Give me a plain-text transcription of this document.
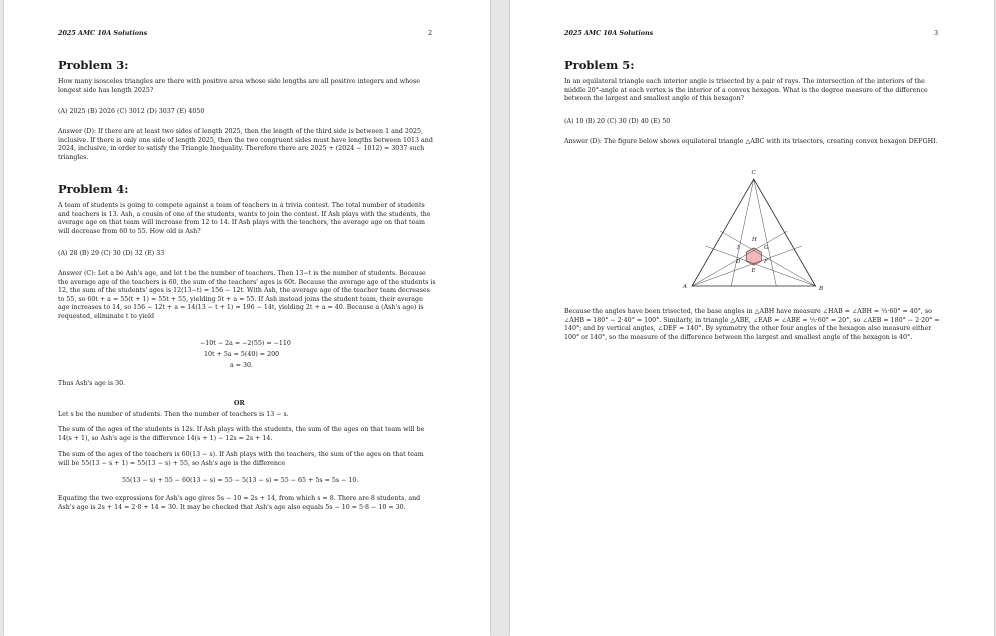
2025 AMC 10A Solutions	2
Problem 3:
How many isosceles triangles are there with positive area whose side lengths are all positive integers and whose longest side has length 2025?
(A) 2025 (B) 2026 (C) 3012 (D) 3037 (E) 4050
Answer (D): If there are at least two sides of length 2025, then the length of the third side is between 1 and 2025, inclusive. If there is only one side of length 2025, then the two congruent sides must have lengths between 1013 and 2024, inclusive, in order to satisfy the Triangle Inequality. Therefore there are 2025 + (2024 − 1012) = 3037 such triangles.
Problem 4:
A team of students is going to compete against a team of teachers in a trivia contest. The total number of students and teachers is 13. Ash, a cousin of one of the students, wants to join the contest. If Ash plays with the students, the average age on that team will increase from 12 to 14. If Ash plays with the teachers, the average age on that team will decrease from 60 to 55. How old is Ash?
(A) 28 (B) 29 (C) 30 (D) 32 (E) 33
Answer (C): Let a be Ash's age, and let t be the number of teachers. Then 13−t is the number of students. Because the average age of the teachers is 60, the sum of the teachers' ages is 60t. Because the average age of the students is 12, the sum of the students' ages is 12(13−t) = 156 − 12t. With Ash, the average age of the teacher team decreases to 55, so 60t + a = 55(t + 1) = 55t + 55, yielding 5t + a = 55. If Ash instead joins the student team, their average age increases to 14, so 156 − 12t + a = 14(13 − t + 1) = 196 − 14t, yielding 2t + a = 40. Because a (Ash's age) is requested, eliminate t to yield
−10t − 2a = −2(55) = −110
10t + 5a = 5(40) = 200
a = 30.
Thus Ash's age is 30.
OR
Let s be the number of students. Then the number of teachers is 13 − s.
The sum of the ages of the students is 12s. If Ash plays with the students, the sum of the ages on that team will be 14(s + 1), so Ash's age is the difference 14(s + 1) − 12s = 2s + 14.
The sum of the ages of the teachers is 60(13 − s). If Ash plays with the teachers, the sum of the ages on that team will be 55(13 − s + 1) = 55(13 − s) + 55, so Ash's age is the difference
55(13 − s) + 55 − 60(13 − s) = 55 − 5(13 − s) = 55 − 65 + 5s = 5s − 10.
Equating the two expressions for Ash's age gives 5s − 10 = 2s + 14, from which s = 8. There are 8 students, and Ash's age is 2s + 14 = 2·8 + 14 = 30. It may be checked that Ash's age also equals 5s − 10 = 5·8 − 10 = 30.
2025 AMC 10A Solutions	3
Problem 5:
In an equilateral triangle each interior angle is trisected by a pair of rays. The intersection of the interiors of the middle 20°-angle at each vertex is the interior of a convex hexagon. What is the degree measure of the difference between the largest and smallest angle of this hexagon?
(A) 10 (B) 20 (C) 30 (D) 40 (E) 50
Answer (D): The figure below shows equilateral triangle △ABC with its trisectors, creating convex hexagon DEFGHI.
A	B
C
D
E
F
G
H
I
Because the angles have been trisected, the base angles in △ABH have measure ∠HAB = ∠ABH = ⅔·60° = 40°, so ∠AHB = 180° − 2·40° = 100°. Similarly, in triangle △ABE, ∠EAB = ∠ABE = ⅓·60° = 20°, so ∠AEB = 180° − 2·20° = 140°; and by vertical angles, ∠DEF = 140°. By symmetry the other four angles of the hexagon also measure either 100° or 140°, so the measure of the difference between the largest and smallest angle of the hexagon is 40°.
